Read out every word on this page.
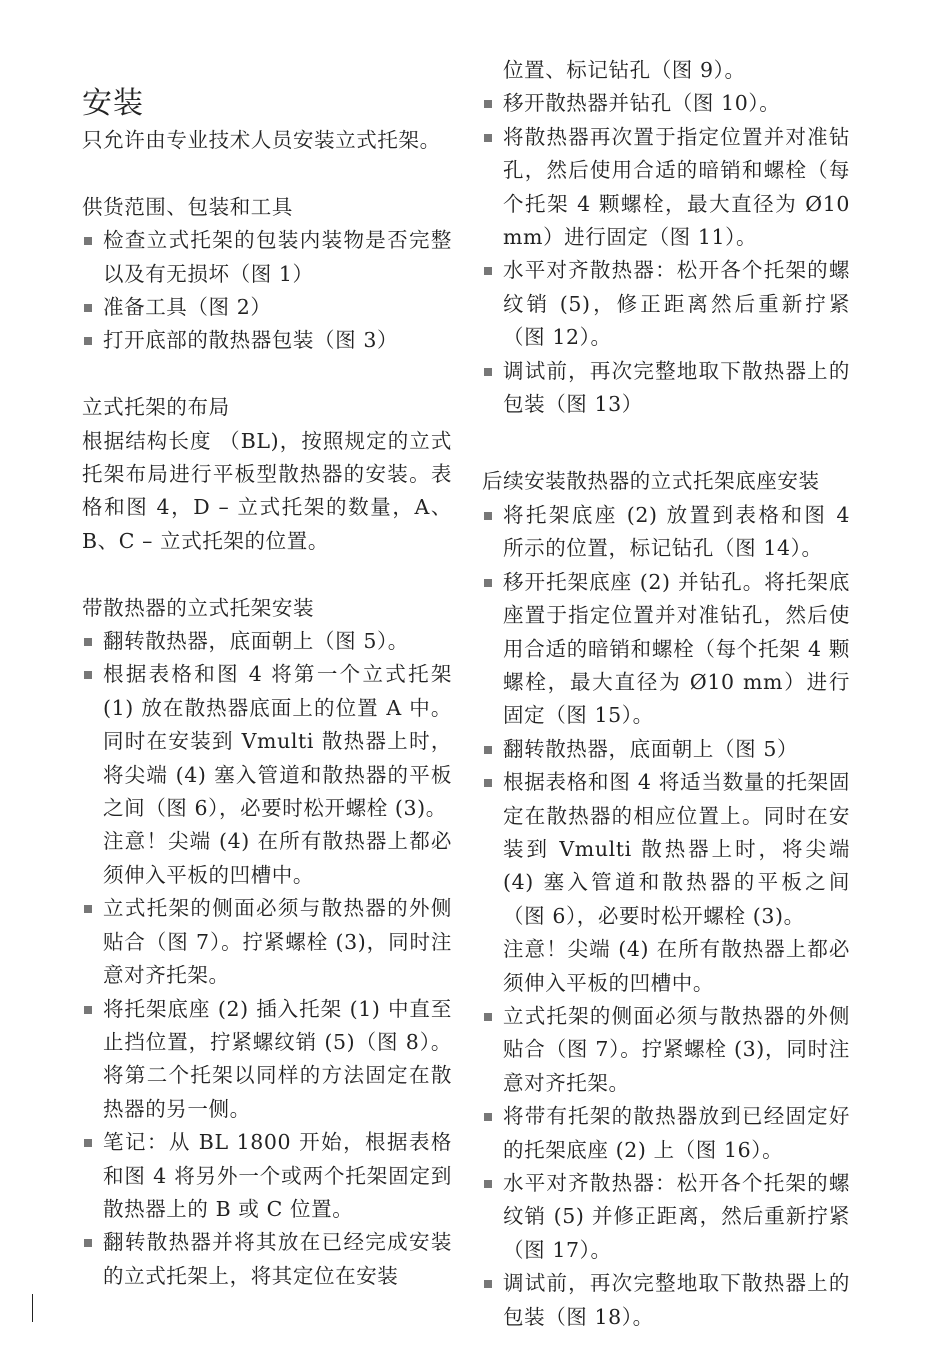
安装

只允许由专业技术人员安装立式托架。

供货范围、包装和工具

检查立式托架的包装内装物是否完整以及有无损坏（图 1）
准备工具（图 2）
打开底部的散热器包装（图 3）

立式托架的布局

根据结构长度 （BL)，按照规定的立式托架布局进行平板型散热器的安装。表格和图 4，D – 立式托架的数量，A、B、C – 立式托架的位置。

带散热器的立式托架安装

翻转散热器，底面朝上（图 5）。
根据表格和图 4 将第一个立式托架 (1) 放在散热器底面上的位置 A 中。同时在安装到 Vmulti 散热器上时，将尖端 (4) 塞入管道和散热器的平板之间（图 6），必要时松开螺栓 (3)。

注意！尖端 (4) 在所有散热器上都必须伸入平板的凹槽中。

立式托架的侧面必须与散热器的外侧贴合（图 7）。拧紧螺栓 (3)，同时注意对齐托架。
将托架底座 (2) 插入托架 (1) 中直至止挡位置，拧紧螺纹销 (5)（图 8）。将第二个托架以同样的方法固定在散热器的另一侧。
笔记：从 BL 1800 开始，根据表格和图 4 将另外一个或两个托架固定到散热器上的 B 或 C 位置。
翻转散热器并将其放在已经完成安装的立式托架上，将其定位在安装

位置、标记钻孔（图 9）。

移开散热器并钻孔（图 10）。
将散热器再次置于指定位置并对准钻孔，然后使用合适的暗销和螺栓（每个托架 4 颗螺栓，最大直径为 Ø10 mm）进行固定（图 11）。
水平对齐散热器：松开各个托架的螺纹销 (5)，修正距离然后重新拧紧（图 12）。
调试前，再次完整地取下散热器上的包装（图 13）

后续安装散热器的立式托架底座安装

将托架底座 (2) 放置到表格和图 4 所示的位置，标记钻孔（图 14）。
移开托架底座 (2) 并钻孔。将托架底座置于指定位置并对准钻孔，然后使用合适的暗销和螺栓（每个托架 4 颗螺栓，最大直径为 Ø10 mm）进行固定（图 15）。
翻转散热器，底面朝上（图 5）
根据表格和图 4 将适当数量的托架固定在散热器的相应位置上。同时在安装到 Vmulti 散热器上时，将尖端 (4) 塞入管道和散热器的平板之间（图 6），必要时松开螺栓 (3)。

注意！尖端 (4) 在所有散热器上都必须伸入平板的凹槽中。

立式托架的侧面必须与散热器的外侧贴合（图 7）。拧紧螺栓 (3)，同时注意对齐托架。
将带有托架的散热器放到已经固定好的托架底座 (2) 上（图 16）。
水平对齐散热器：松开各个托架的螺纹销 (5) 并修正距离，然后重新拧紧（图 17）。
调试前，再次完整地取下散热器上的包装（图 18）。
